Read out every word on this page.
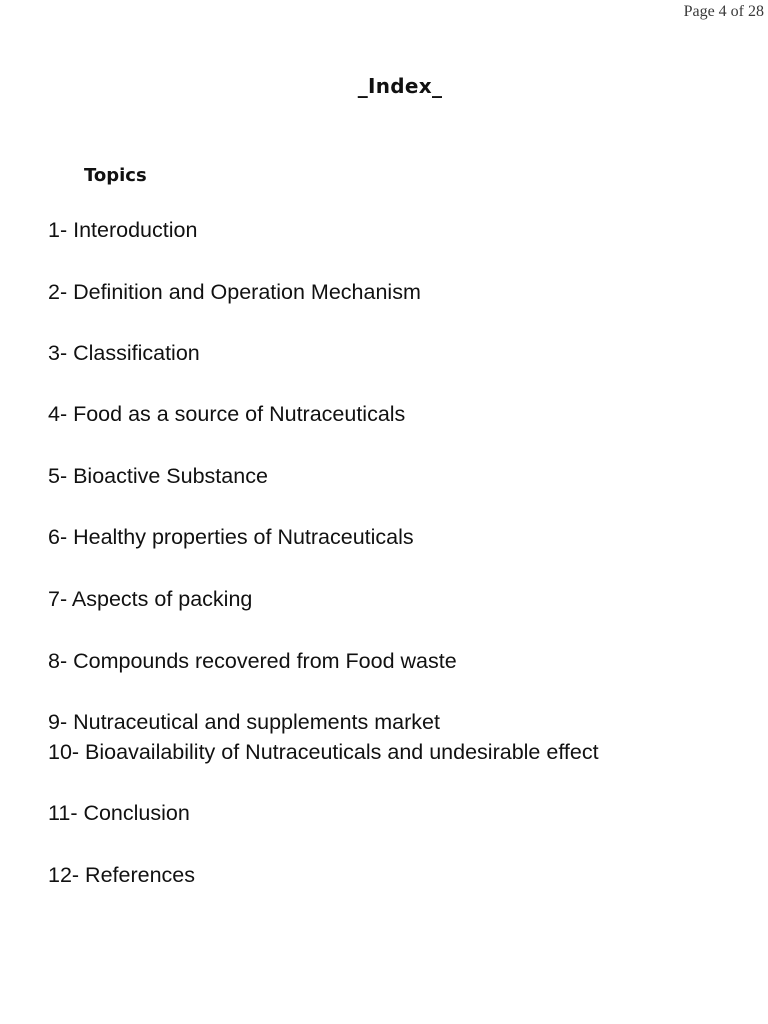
Page 4 of 28
_Index_
Topics

1- Interoduction

2- Definition and Operation Mechanism

3- Classification

4- Food as a source of Nutraceuticals

5- Bioactive Substance

6- Healthy properties of Nutraceuticals

7- Aspects of packing

8- Compounds recovered from Food waste

9- Nutraceutical and supplements market

10- Bioavailability of Nutraceuticals and undesirable effect

11- Conclusion

12- References
